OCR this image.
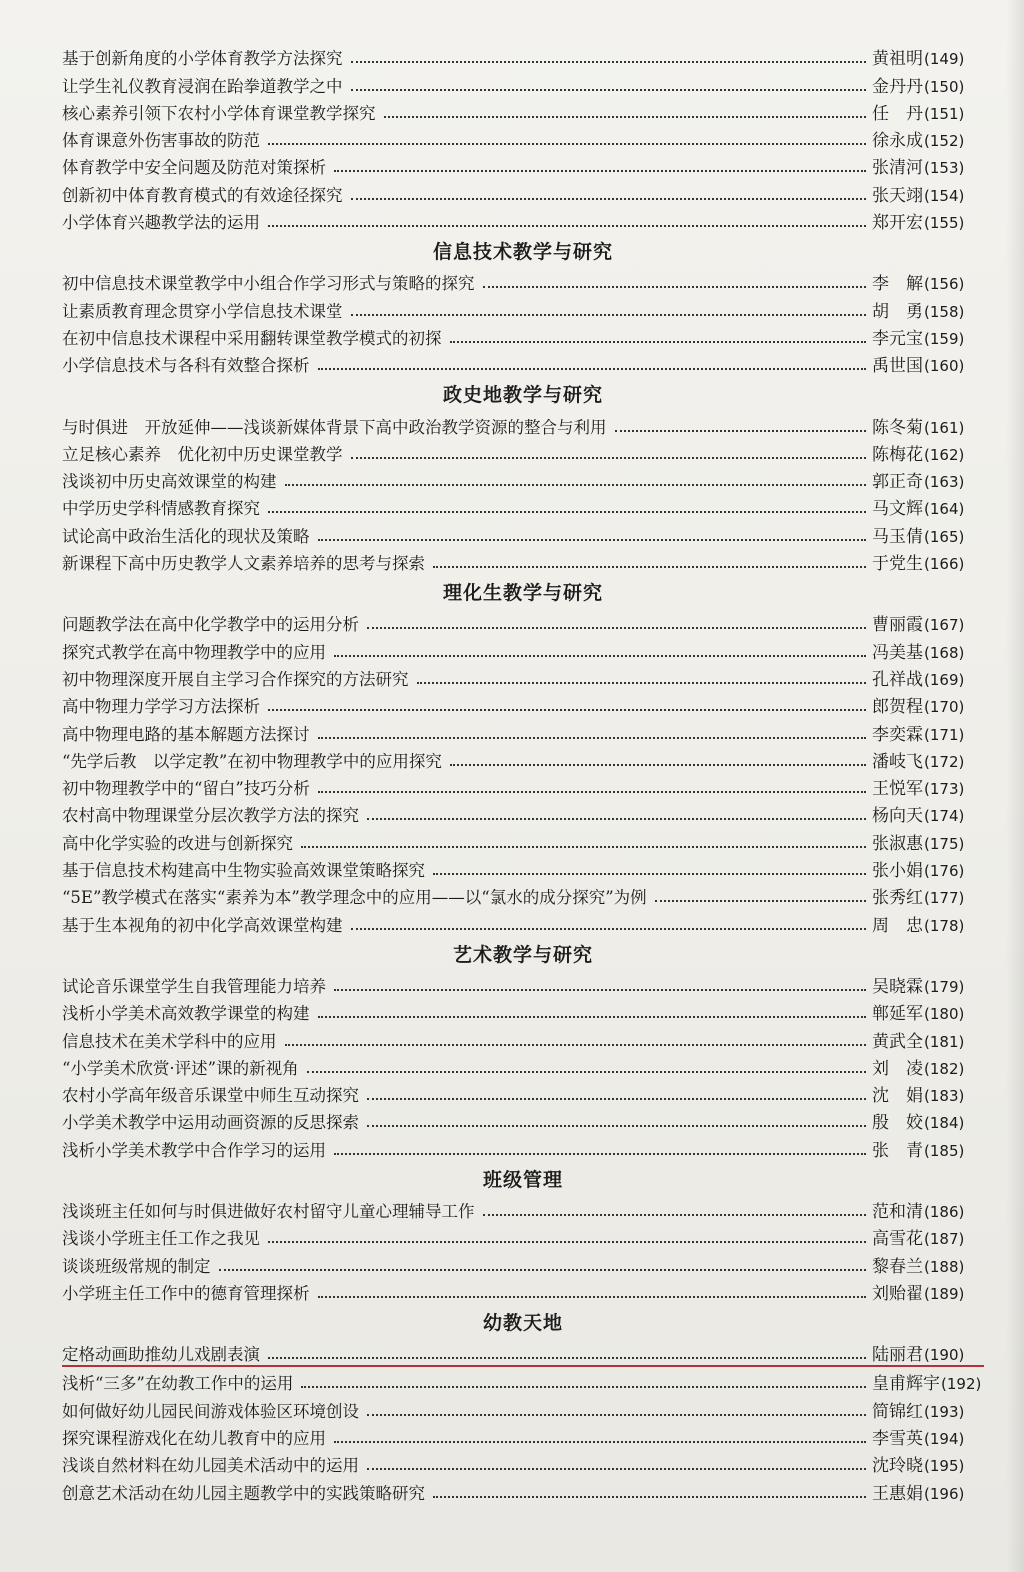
基于创新角度的小学体育教学方法探究	黄祖明(149)
让学生礼仪教育浸润在跆拳道教学之中	金丹丹(150)
核心素养引领下农村小学体育课堂教学探究	任　丹(151)
体育课意外伤害事故的防范	徐永成(152)
体育教学中安全问题及防范对策探析	张清河(153)
创新初中体育教育模式的有效途径探究	张天翊(154)
小学体育兴趣教学法的运用	郑开宏(155)
信息技术教学与研究
初中信息技术课堂教学中小组合作学习形式与策略的探究	李　解(156)
让素质教育理念贯穿小学信息技术课堂	胡　勇(158)
在初中信息技术课程中采用翻转课堂教学模式的初探	李元宝(159)
小学信息技术与各科有效整合探析	禹世国(160)
政史地教学与研究
与时俱进　开放延伸——浅谈新媒体背景下高中政治教学资源的整合与利用	陈冬菊(161)
立足核心素养　优化初中历史课堂教学	陈梅花(162)
浅谈初中历史高效课堂的构建	郭正奇(163)
中学历史学科情感教育探究	马文辉(164)
试论高中政治生活化的现状及策略	马玉倩(165)
新课程下高中历史教学人文素养培养的思考与探索	于党生(166)
理化生教学与研究
问题教学法在高中化学教学中的运用分析	曹丽霞(167)
探究式教学在高中物理教学中的应用	冯美基(168)
初中物理深度开展自主学习合作探究的方法研究	孔祥战(169)
高中物理力学学习方法探析	郎贺程(170)
高中物理电路的基本解题方法探讨	李奕霖(171)
“先学后教　以学定教”在初中物理教学中的应用探究	潘岐飞(172)
初中物理教学中的“留白”技巧分析	王悦军(173)
农村高中物理课堂分层次教学方法的探究	杨向天(174)
高中化学实验的改进与创新探究	张淑惠(175)
基于信息技术构建高中生物实验高效课堂策略探究	张小娟(176)
“5E”教学模式在落实“素养为本”教学理念中的应用——以“氯水的成分探究”为例	张秀红(177)
基于生本视角的初中化学高效课堂构建	周　忠(178)
艺术教学与研究
试论音乐课堂学生自我管理能力培养	吴晓霖(179)
浅析小学美术高效教学课堂的构建	郸延军(180)
信息技术在美术学科中的应用	黄武全(181)
“小学美术欣赏·评述”课的新视角	刘　凌(182)
农村小学高年级音乐课堂中师生互动探究	沈　娟(183)
小学美术教学中运用动画资源的反思探索	殷　姣(184)
浅析小学美术教学中合作学习的运用	张　青(185)
班级管理
浅谈班主任如何与时俱进做好农村留守儿童心理辅导工作	范和清(186)
浅谈小学班主任工作之我见	高雪花(187)
谈谈班级常规的制定	黎春兰(188)
小学班主任工作中的德育管理探析	刘贻翟(189)
幼教天地
定格动画助推幼儿戏剧表演	陆丽君(190)
浅析“三多”在幼教工作中的运用	皇甫辉宇(192)
如何做好幼儿园民间游戏体验区环境创设	简锦红(193)
探究课程游戏化在幼儿教育中的应用	李雪英(194)
浅谈自然材料在幼儿园美术活动中的运用	沈玲晓(195)
创意艺术活动在幼儿园主题教学中的实践策略研究	王惠娟(196)
